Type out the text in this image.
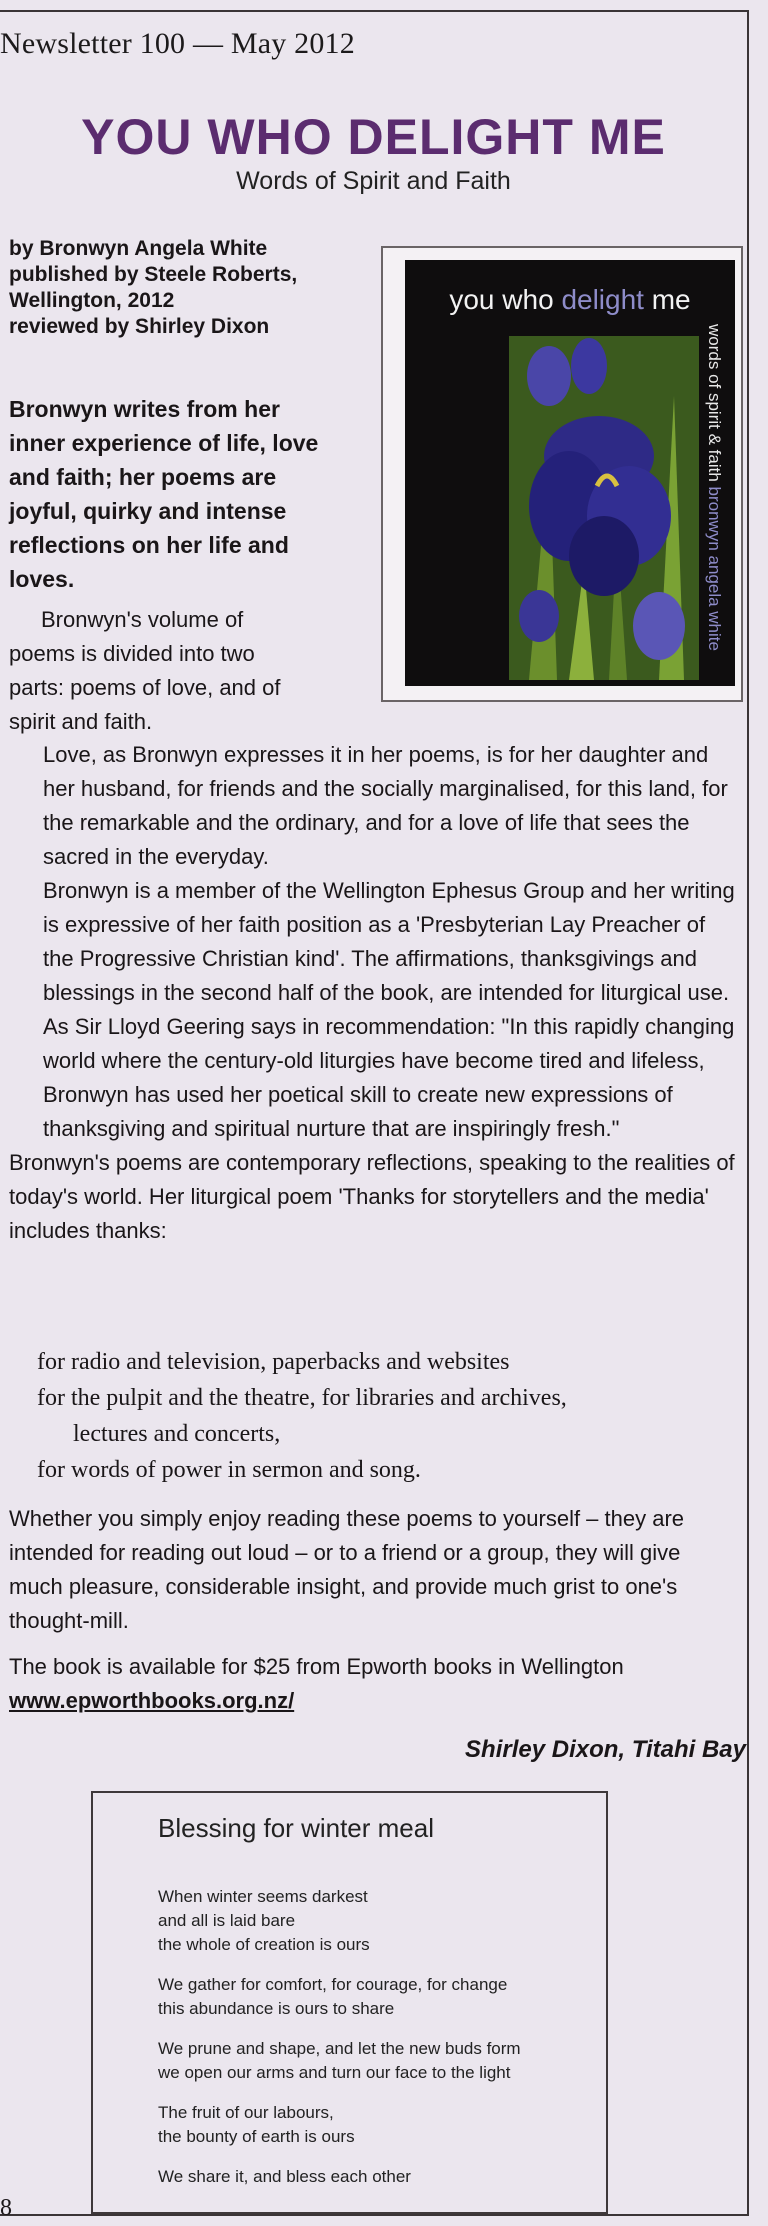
Newsletter 100 — May 2012
YOU WHO DELIGHT ME
Words of Spirit and Faith
by Bronwyn Angela White
published by Steele Roberts,
Wellington, 2012
reviewed by Shirley Dixon
Bronwyn writes from her
inner experience of life, love
and faith; her poems are
joyful, quirky and intense
reflections on her life and
loves.
Bronwyn's volume of
poems is divided into two
parts: poems of love, and of
spirit and faith.
you who delight me
words of spirit & faith bronwyn angela white

Love, as Bronwyn expresses it in her poems, is for her daughter and her husband, for friends and the socially marginalised, for this land, for the remarkable and the ordinary, and for a love of life that sees the sacred in the everyday.

Bronwyn is a member of the Wellington Ephesus Group and her writing is expressive of her faith position as a 'Presbyterian Lay Preacher of the Progressive Christian kind'. The affirmations, thanksgivings and blessings in the second half of the book, are intended for liturgical use.

As Sir Lloyd Geering says in recommendation: "In this rapidly changing world where the century-old liturgies have become tired and lifeless, Bronwyn has used her poetical skill to create new expressions of thanksgiving and spiritual nurture that are inspiringly fresh."

Bronwyn's poems are contemporary reflections, speaking to the realities of today's world. Her liturgical poem 'Thanks for storytellers and the media' includes thanks:

for radio and television, paperbacks and websites
for the pulpit and the theatre, for libraries and archives,
lectures and concerts,
for words of power in sermon and song.

Whether you simply enjoy reading these poems to yourself – they are intended for reading out loud – or to a friend or a group, they will give much pleasure, considerable insight, and provide much grist to one's thought-mill.

The book is available for $25 from Epworth books in Wellington www.epworthbooks.org.nz/

Shirley Dixon, Titahi Bay
Blessing for winter meal

When winter seems darkest
and all is laid bare
the whole of creation is ours

We gather for comfort, for courage, for change
this abundance is ours to share

We prune and shape, and let the new buds form
we open our arms and turn our face to the light

The fruit of our labours,
the bounty of earth is ours

We share it, and bless each other

8
